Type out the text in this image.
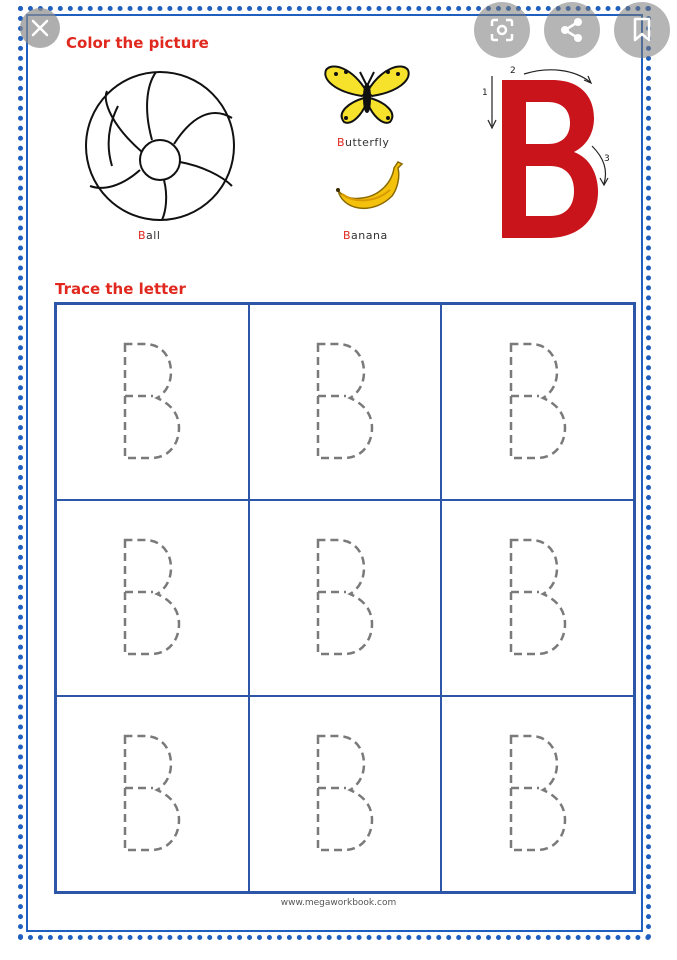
Color the picture
Trace the letter
Ball
Butterfly
Banana
1
2
3
www.megaworkbook.com
